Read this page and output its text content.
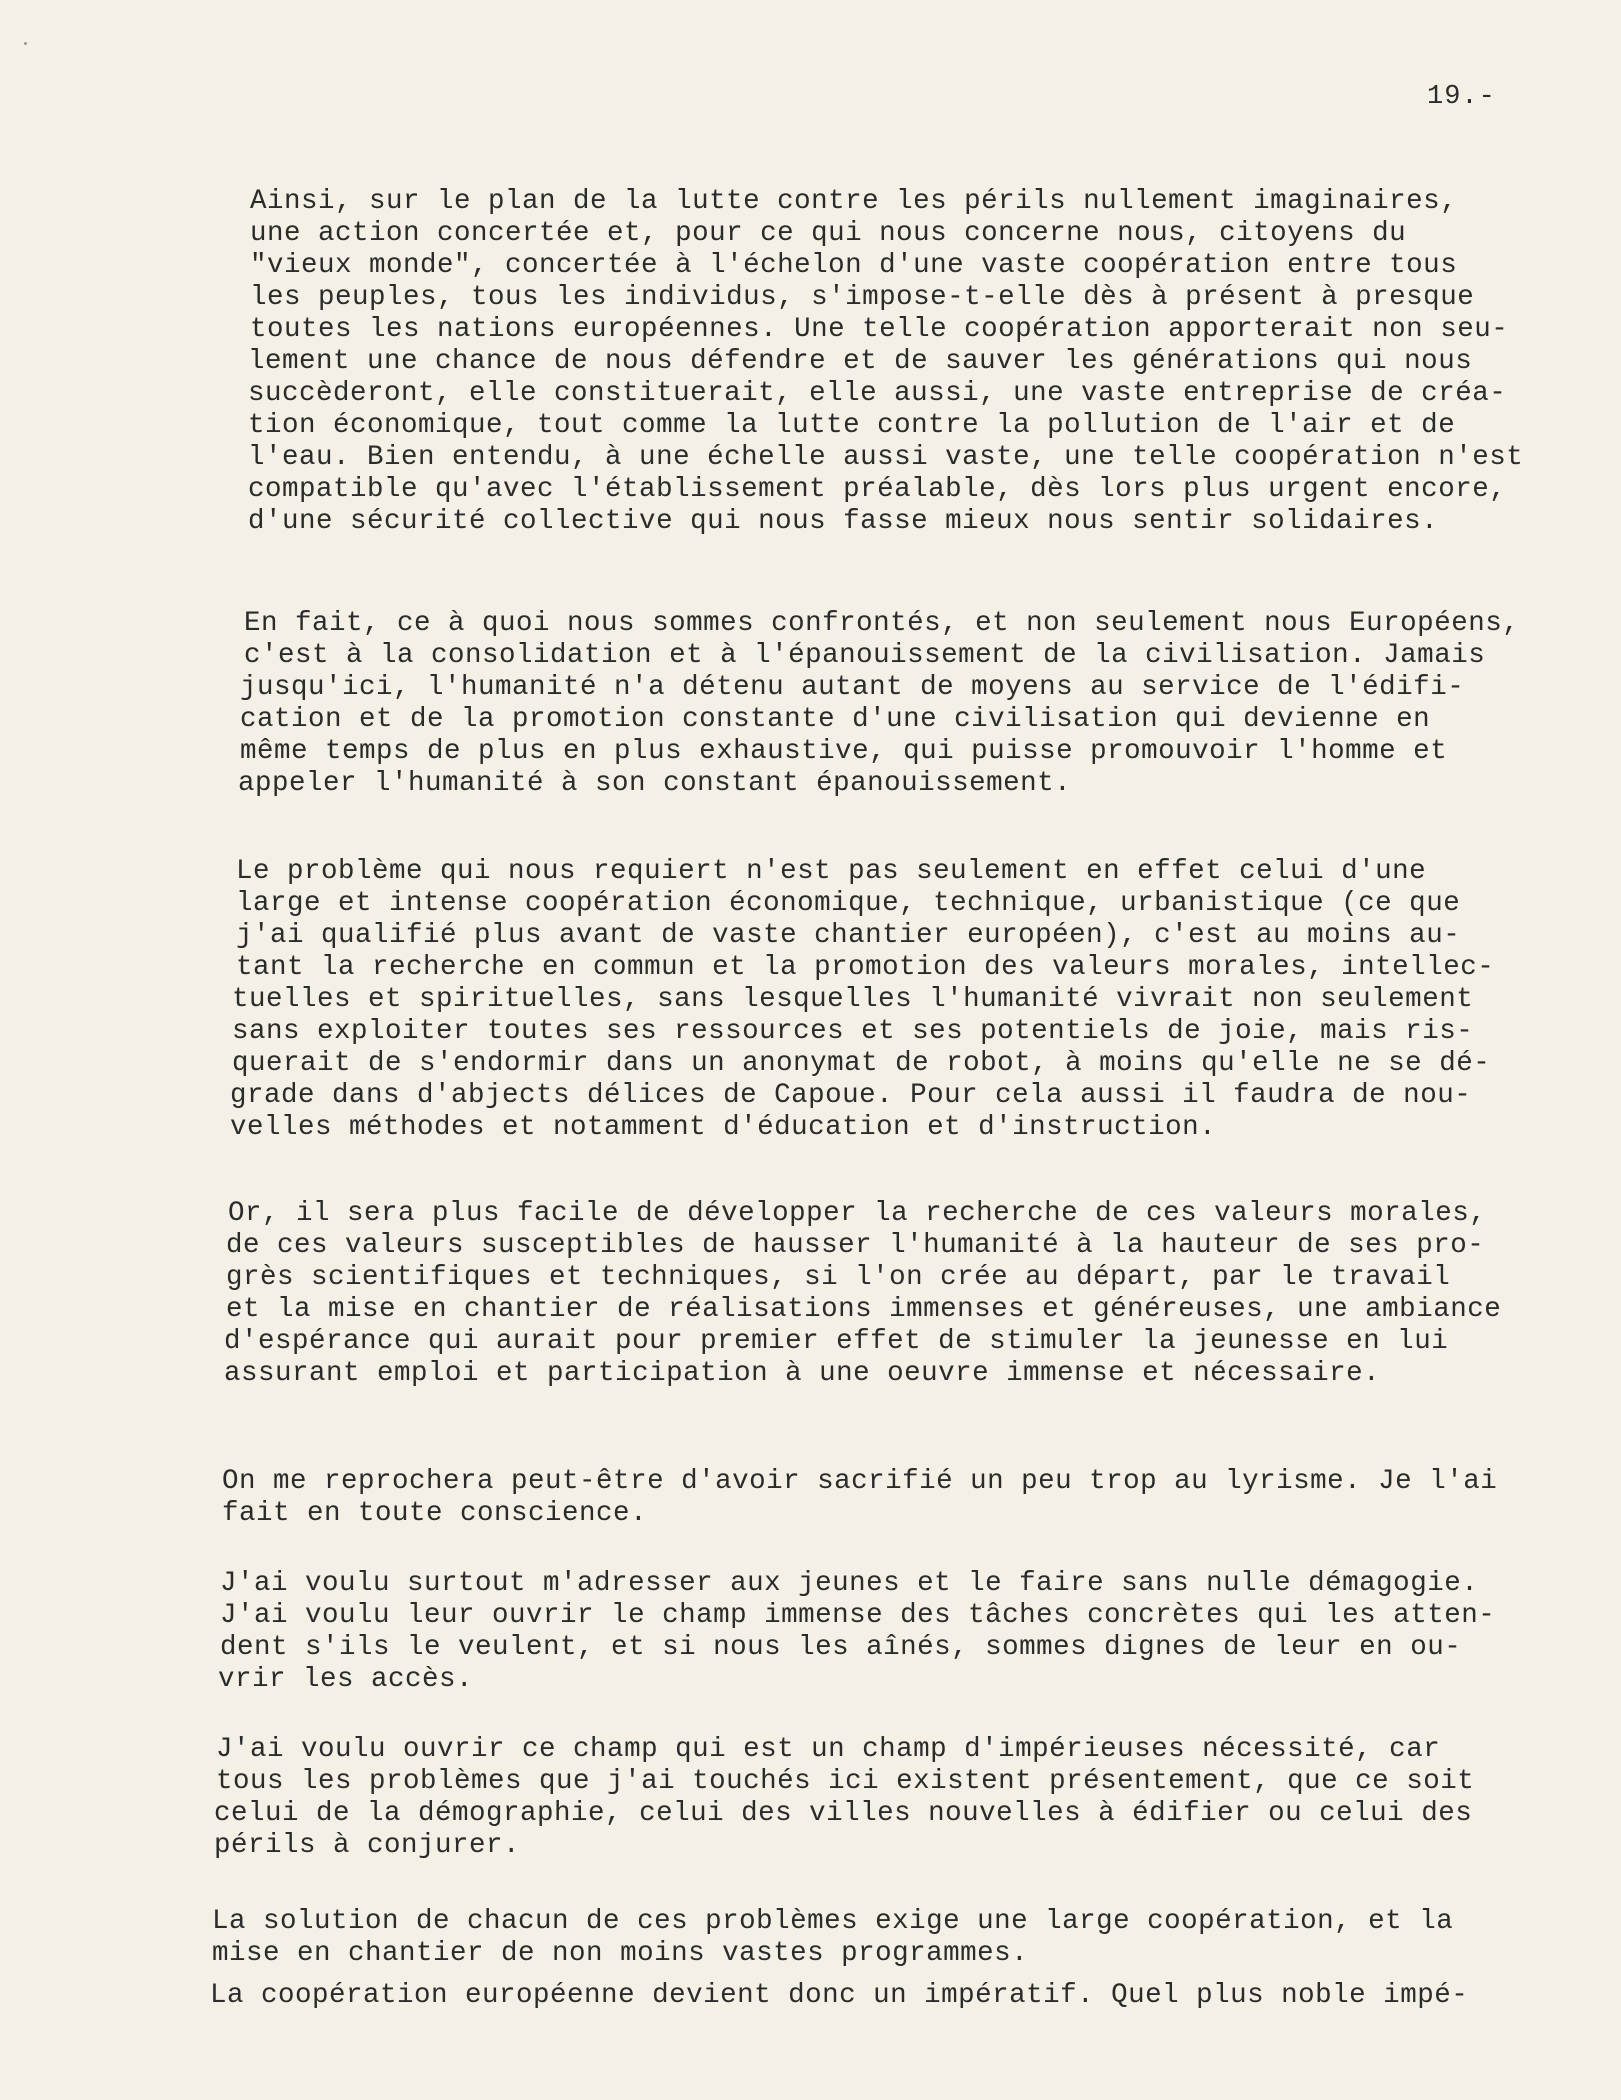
19.-
Ainsi, sur le plan de la lutte contre les périls nullement imaginaires,
une action concertée et, pour ce qui nous concerne nous, citoyens du
"vieux monde", concertée à l'échelon d'une vaste coopération entre tous
les peuples, tous les individus, s'impose-t-elle dès à présent à presque
toutes les nations européennes. Une telle coopération apporterait non seu-
lement une chance de nous défendre et de sauver les générations qui nous
succèderont, elle constituerait, elle aussi, une vaste entreprise de créa-
tion économique, tout comme la lutte contre la pollution de l'air et de
l'eau. Bien entendu, à une échelle aussi vaste, une telle coopération n'est
compatible qu'avec l'établissement préalable, dès lors plus urgent encore,
d'une sécurité collective qui nous fasse mieux nous sentir solidaires.
En fait, ce à quoi nous sommes confrontés, et non seulement nous Européens,
c'est à la consolidation et à l'épanouissement de la civilisation. Jamais
jusqu'ici, l'humanité n'a détenu autant de moyens au service de l'édifi-
cation et de la promotion constante d'une civilisation qui devienne en
même temps de plus en plus exhaustive, qui puisse promouvoir l'homme et
appeler l'humanité à son constant épanouissement.
Le problème qui nous requiert n'est pas seulement en effet celui d'une
large et intense coopération économique, technique, urbanistique (ce que
j'ai qualifié plus avant de vaste chantier européen), c'est au moins au-
tant la recherche en commun et la promotion des valeurs morales, intellec-
tuelles et spirituelles, sans lesquelles l'humanité vivrait non seulement
sans exploiter toutes ses ressources et ses potentiels de joie, mais ris-
querait de s'endormir dans un anonymat de robot, à moins qu'elle ne se dé-
grade dans d'abjects délices de Capoue. Pour cela aussi il faudra de nou-
velles méthodes et notamment d'éducation et d'instruction.
Or, il sera plus facile de développer la recherche de ces valeurs morales,
de ces valeurs susceptibles de hausser l'humanité à la hauteur de ses pro-
grès scientifiques et techniques, si l'on crée au départ, par le travail
et la mise en chantier de réalisations immenses et généreuses, une ambiance
d'espérance qui aurait pour premier effet de stimuler la jeunesse en lui
assurant emploi et participation à une oeuvre immense et nécessaire.
On me reprochera peut-être d'avoir sacrifié un peu trop au lyrisme. Je l'ai
fait en toute conscience.
J'ai voulu surtout m'adresser aux jeunes et le faire sans nulle démagogie.
J'ai voulu leur ouvrir le champ immense des tâches concrètes qui les atten-
dent s'ils le veulent, et si nous les aînés, sommes dignes de leur en ou-
vrir les accès.
J'ai voulu ouvrir ce champ qui est un champ d'impérieuses nécessité, car
tous les problèmes que j'ai touchés ici existent présentement, que ce soit
celui de la démographie, celui des villes nouvelles à édifier ou celui des
périls à conjurer.
La solution de chacun de ces problèmes exige une large coopération, et la
mise en chantier de non moins vastes programmes.
La coopération européenne devient donc un impératif. Quel plus noble impé-
